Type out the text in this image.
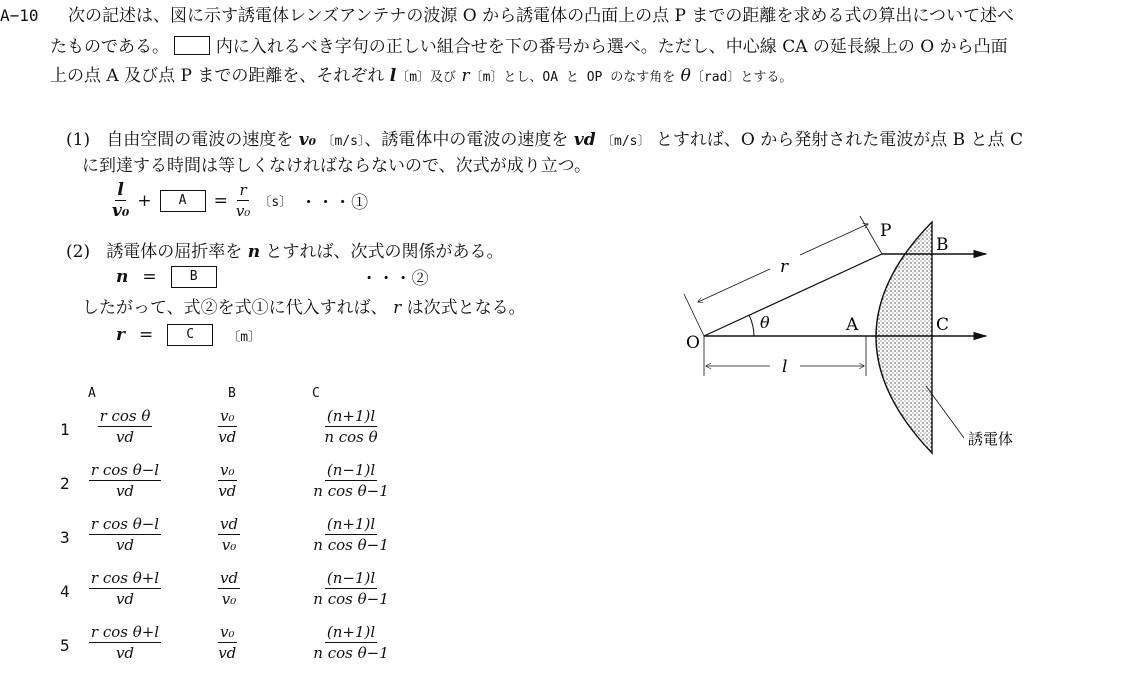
A−10 次の記述は、図に示す誘電体レンズアンテナの波源 O から誘電体の凸面上の点 P までの距離を求める式の算出について述べ
たものである。	内に入れるべき字句の正しい組合せを下の番号から選べ。ただし、中心線 CA の延長線上の O から凸面
上の点 A 及び点 P までの距離を、それぞれ l〔m〕及び r〔m〕とし、OA と OP のなす角を θ〔rad〕とする。
(1) 自由空間の電波の速度を v₀ 〔m/s〕、誘電体中の電波の速度を vd 〔m/s〕 とすれば、O から発射された電波が点 B と点 C
に到達する時間は等しくなければならないので、次式が成り立つ。
$\frac{l}{\text{v₀}}$ +	A	= $\frac{r}{\text{v₀}}$ 〔s〕 ・・・①
(2) 誘電体の屈折率を n とすれば、次式の関係がある。
n =	B	・・・②
したがって、式②を式①に代入すれば、 r は次式となる。
r =	C	〔m〕
A	B	C
$1 \frac{\text{r cos θ}}{vd}$	$\frac{\text{v₀}}{vd}$	$\frac{(n+1)l}{\text{n cos θ}}$
$2 \frac{\text{r cos θ−l}}{vd}$	$\frac{\text{v₀}}{vd}$	$\frac{(n-1)l}{\text{n cos θ−1}}$
$3 \frac{\text{r cos θ−l}}{vd}$	$\frac{vd}{\text{v₀}}$	$\frac{(n+1)l}{\text{n cos θ−1}}$
$4 \frac{\text{r cos θ+l}}{vd}$	$\frac{vd}{\text{v₀}}$	$\frac{(n-1)l}{\text{n cos θ−1}}$
$5 \frac{\text{r cos θ+l}}{vd}$	$\frac{\text{v₀}}{vd}$	$\frac{(n+1)l}{\text{n cos θ−1}}$
P
B
A	C
O
r
l
θ
誘電体
